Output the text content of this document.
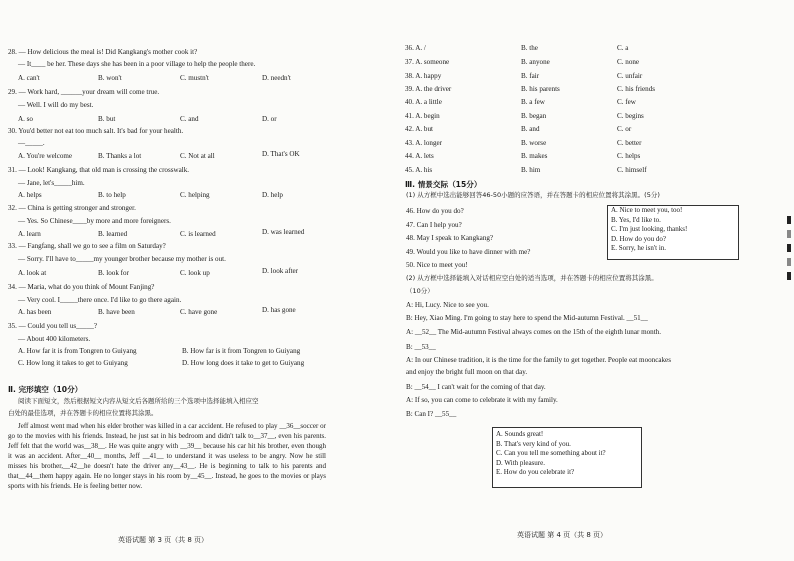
28. — How delicious the meal is! Did Kangkang's mother cook it?
— It____ be her. These days she has been in a poor village to help the people there.
A. can't	B. won't	C. mustn't	D. needn't
29. — Work hard, ______your dream will come true.
— Well. I will do my best.
A. so	B. but	C. and	D. or
30. You'd better not eat too much salt. It's bad for your health.
—_____.
A. You're welcome	B. Thanks a lot	C. Not at all	D. That's OK
31. — Look! Kangkang, that old man is crossing the crosswalk.
— Jane, let's_____him.
A. helps	B. to help	C. helping	D. help
32. — China is getting stronger and stronger.
— Yes. So Chinese____by more and more foreigners.
A. learn	B. learned	C. is learned	D. was learned
33. — Fangfang, shall we go to see a film on Saturday?
— Sorry. I'll have to_____my younger brother because my mother is out.
A. look at	B. look for	C. look up	D. look after
34. — Maria, what do you think of Mount Fanjing?
— Very cool. I_____there once. I'd like to go there again.
A. has been	B. have been	C. have gone	D. has gone
35. — Could you tell us_____?
— About 400 kilometers.
A. How far it is from Tongren to Guiyang	B. How far is it from Tongren to Guiyang
C. How long it takes to get to Guiyang	D. How long does it take to get to Guiyang
Ⅱ. 完形填空（10分）
阅读下面短文，然后根据短文内容从短文后各题所给的三个选项中选择能填入相应空
白处的最佳选项，并在答题卡的相应位置将其涂黑。
Jeff almost went mad when his elder brother was killed in a car accident. He refused to play __36__soccer or go to the movies with his friends. Instead, he just sat in his bedroom and didn't talk to__37__, even his parents. Jeff felt that the world was__38__. He was quite angry with __39__ because his car hit his brother, even though it was an accident. After__40__ months, Jeff __41__ to understand it was useless to be angry. Now he still misses his brother,__42__he doesn't hate the driver any__43__. He is beginning to talk to his parents and that__44__them happy again. He no longer stays in his room by__45__. Instead, he goes to the movies or plays sports with his friends. He is feeling better now.
英语试题 第 3 页（共 8 页）
36. A. /	B. the	C. a
37. A. someone	B. anyone	C. none
38. A. happy	B. fair	C. unfair
39. A. the driver	B. his parents	C. his friends
40. A. a little	B. a few	C. few
41. A. begin	B. began	C. begins
42. A. but	B. and	C. or
43. A. longer	B. worse	C. better
44. A. lets	B. makes	C. helps
45. A. his	B. him	C. himself
Ⅲ. 情景交际（15分）
(1) 从方框中选出能够回答46-50小题的应答语，并在答题卡的相应位置将其涂黑。(5分)
46. How do you do?
47. Can I help you?
48. May I speak to Kangkang?
49. Would you like to have dinner with me?
50. Nice to meet you!
A. Nice to meet you, too!
B. Yes, I'd like to.
C. I'm just looking, thanks!
D. How do you do?
E. Sorry, he isn't in.
(2) 从方框中选择能填入对话相应空白处的适当选项，并在答题卡的相应位置将其涂黑。
（10分）
A: Hi, Lucy. Nice to see you.
B: Hey, Xiao Ming. I'm going to stay here to spend the Mid-autumn Festival. __51__
A: __52__ The Mid-autumn Festival always comes on the 15th of the eighth lunar month.
B: __53__
A: In our Chinese tradition, it is the time for the family to get together. People eat mooncakes
and enjoy the bright full moon on that day.
B: __54__ I can't wait for the coming of that day.
A: If so, you can come to celebrate it with my family.
B: Can I? __55__
A. Sounds great!
B. That's very kind of you.
C. Can you tell me something about it?
D. With pleasure.
E. How do you celebrate it?
英语试题 第 4 页（共 8 页）
